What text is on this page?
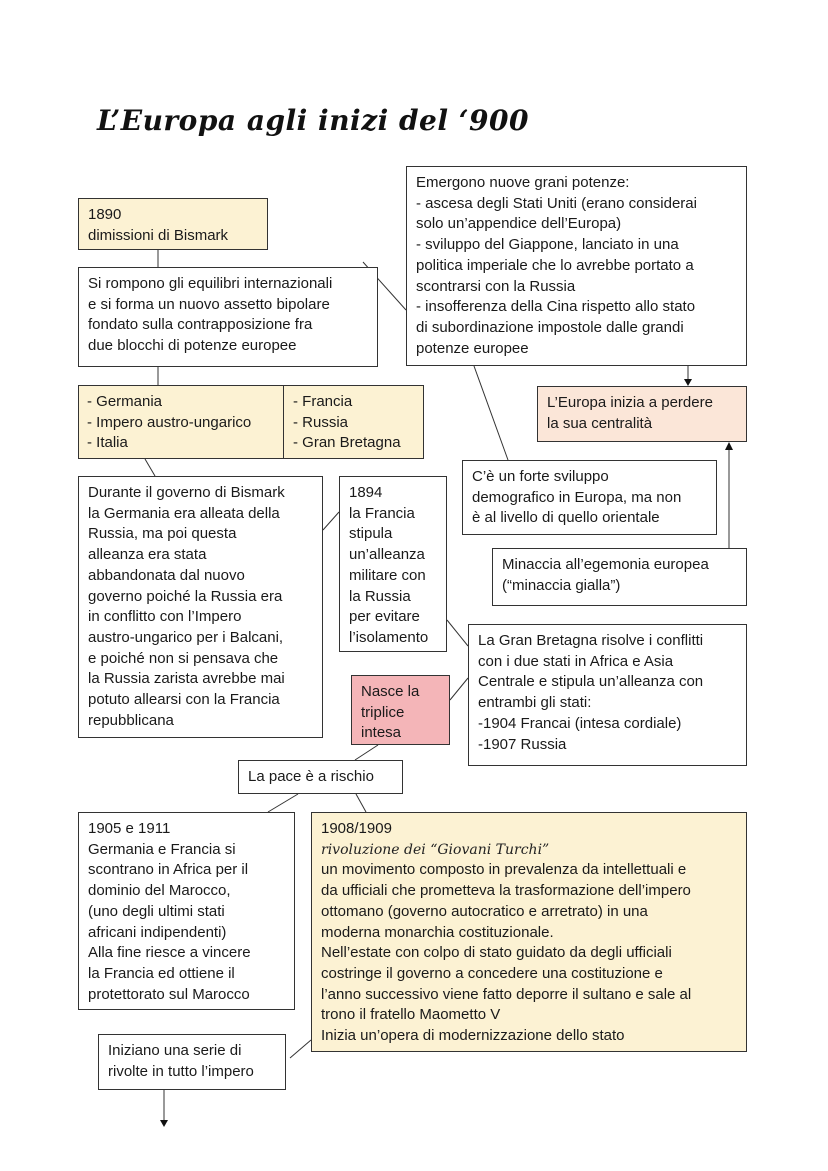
L’Europa agli inizi del ‘900
1890
dimissioni di Bismark
Si rompono gli equilibri internazionali
e si forma un nuovo assetto bipolare
fondato sulla contrapposizione fra
due blocchi di potenze europee
- Germania
- Impero austro-ungarico
- Italia
- Francia
- Russia
- Gran Bretagna
Durante il governo di Bismark
la Germania era alleata della
Russia, ma poi questa
alleanza era stata
abbandonata dal nuovo
governo poiché la Russia era
in conflitto con l’Impero
austro-ungarico per i Balcani,
e poiché non si pensava che
la Russia zarista avrebbe mai
potuto allearsi con la Francia
repubblicana
1894
la Francia
stipula
un’alleanza
militare con
la Russia
per evitare
l’isolamento
Emergono nuove grani potenze:
- ascesa degli Stati Uniti (erano considerai
solo un’appendice dell’Europa)
- sviluppo del Giappone, lanciato in una
politica imperiale che lo avrebbe portato a
scontrarsi con la Russia
- insofferenza della Cina rispetto allo stato
di subordinazione impostole dalle grandi
potenze europee
L’Europa inizia a perdere
la sua centralità
C’è un forte sviluppo
demografico in Europa, ma non
è al livello di quello orientale
Minaccia all’egemonia europea
(“minaccia gialla”)
La Gran Bretagna risolve i conflitti
con i due stati in Africa e Asia
Centrale e stipula un’alleanza con
entrambi gli stati:
-1904 Francai (intesa cordiale)
-1907 Russia
Nasce la
triplice
intesa
La pace è a rischio
1905 e 1911
Germania e Francia si
scontrano in Africa per il
dominio del Marocco,
(uno degli ultimi stati
africani indipendenti)
Alla fine riesce a vincere
la Francia ed ottiene il
protettorato sul Marocco
1908/1909
rivoluzione dei “Giovani Turchi”
un movimento composto in prevalenza da intellettuali e
da ufficiali che prometteva la trasformazione dell’impero
ottomano (governo autocratico e arretrato) in una
moderna monarchia costituzionale.
Nell’estate con colpo di stato guidato da degli ufficiali
costringe il governo a concedere una costituzione e
l’anno successivo viene fatto deporre il sultano e sale al
trono il fratello Maometto V
Inizia un’opera di modernizzazione dello stato
Iniziano una serie di
rivolte in tutto l’impero
